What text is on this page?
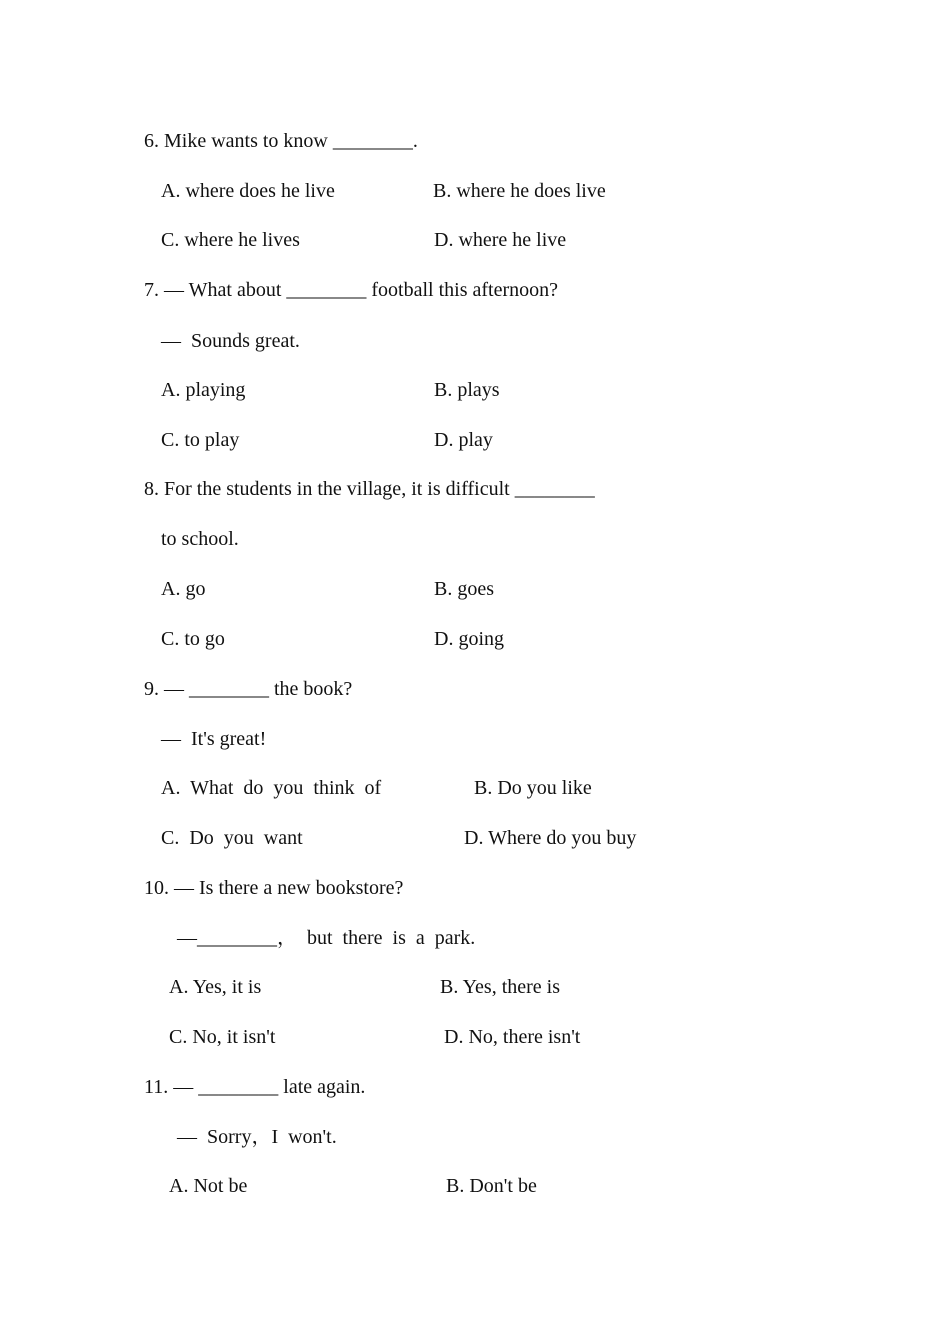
6. Mike wants to know ________.
A. where does he live	B. where he does live
C. where he lives	D. where he live
7. — What about ________ football this afternoon?
—  Sounds great.
A. playing	B. plays
C. to play	D. play
8. For the students in the village, it is difficult ________
to school.
A. go	B. goes
C. to go	D. going
9. — ________ the book?
—  It's great!
A.  What  do  you  think  of	B. Do you like
C.  Do  you  want	D. Where do you buy
10. — Is there a new bookstore?
—________，  but  there  is  a  park.
A. Yes, it is	B. Yes, there is
C. No, it isn't	D. No, there isn't
11. — ________ late again.
—  Sorry，I  won't.
A. Not be	B. Don't be
